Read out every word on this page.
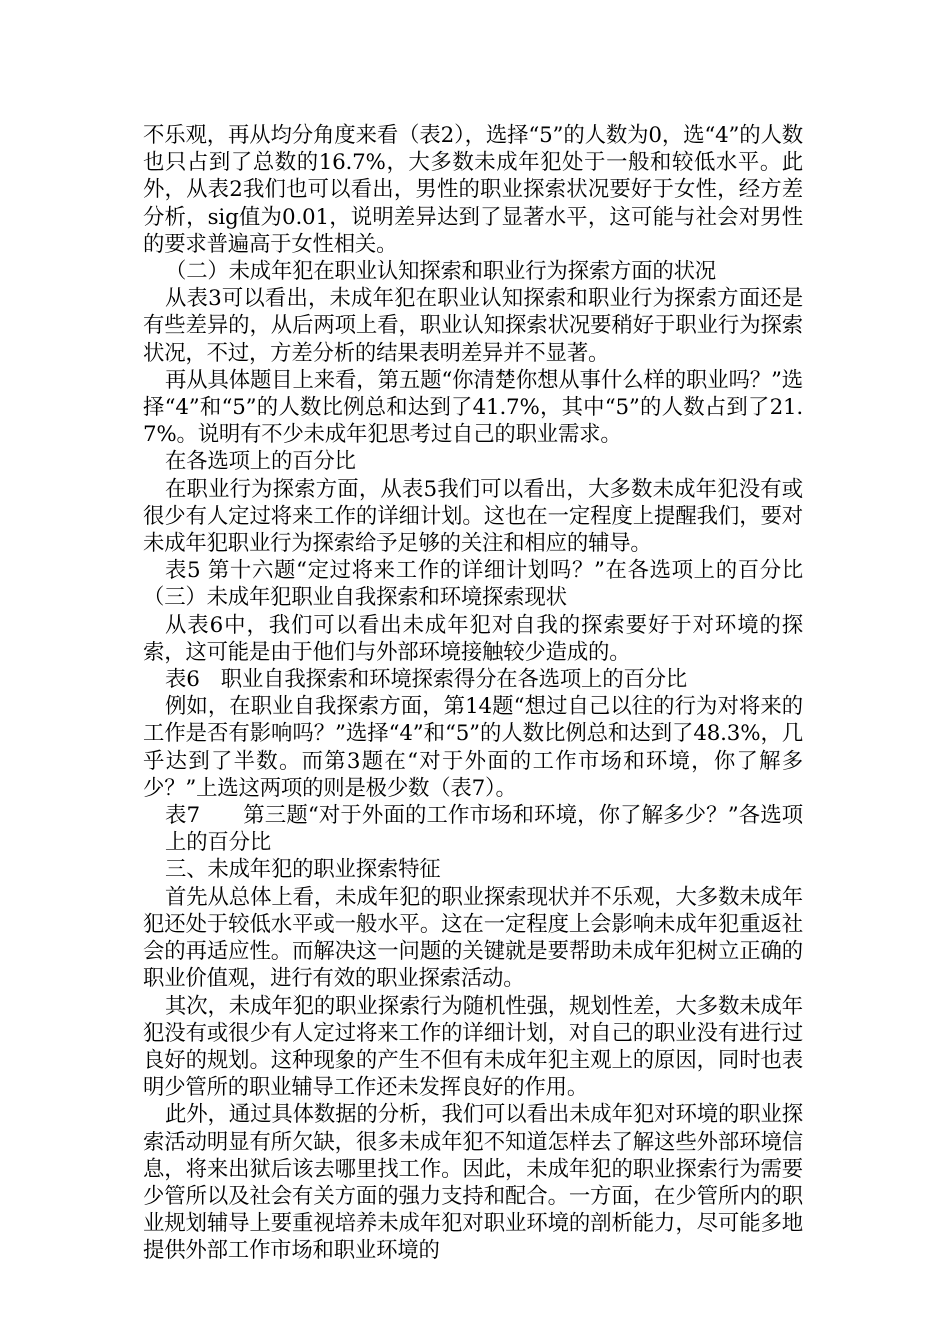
不乐观，再从均分角度来看（表2），选择“5”的人数为0，选“4”的人数也只占到了总数的16.7%，大多数未成年犯处于一般和较低水平。此外，从表2我们也可以看出，男性的职业探索状况要好于女性，经方差分析，sig值为0.01，说明差异达到了显著水平，这可能与社会对男性的要求普遍高于女性相关。

（二）未成年犯在职业认知探索和职业行为探索方面的状况

从表3可以看出，未成年犯在职业认知探索和职业行为探索方面还是有些差异的，从后两项上看，职业认知探索状况要稍好于职业行为探索状况，不过，方差分析的结果表明差异并不显著。

再从具体题目上来看，第五题“你清楚你想从事什么样的职业吗？”选择“4”和“5”的人数比例总和达到了41.7%，其中“5”的人数占到了21.7%。说明有不少未成年犯思考过自己的职业需求。

在各选项上的百分比

在职业行为探索方面，从表5我们可以看出，大多数未成年犯没有或很少有人定过将来工作的详细计划。这也在一定程度上提醒我们，要对未成年犯职业行为探索给予足够的关注和相应的辅导。

表5 第十六题“定过将来工作的详细计划吗？”在各选项上的百分比　（三）未成年犯职业自我探索和环境探索现状

从表6中，我们可以看出未成年犯对自我的探索要好于对环境的探索，这可能是由于他们与外部环境接触较少造成的。

表6　职业自我探索和环境探索得分在各选项上的百分比

例如，在职业自我探索方面，第14题“想过自己以往的行为对将来的工作是否有影响吗？”选择“4”和“5”的人数比例总和达到了48.3%，几乎达到了半数。而第3题在“对于外面的工作市场和环境，你了解多少？”上选这两项的则是极少数（表7）。

表7　　第三题“对于外面的工作市场和环境，你了解多少？”各选项上的百分比

三、未成年犯的职业探索特征

首先从总体上看，未成年犯的职业探索现状并不乐观，大多数未成年犯还处于较低水平或一般水平。这在一定程度上会影响未成年犯重返社会的再适应性。而解决这一问题的关键就是要帮助未成年犯树立正确的职业价值观，进行有效的职业探索活动。

其次，未成年犯的职业探索行为随机性强，规划性差，大多数未成年犯没有或很少有人定过将来工作的详细计划，对自己的职业没有进行过良好的规划。这种现象的产生不但有未成年犯主观上的原因，同时也表明少管所的职业辅导工作还未发挥良好的作用。

此外，通过具体数据的分析，我们可以看出未成年犯对环境的职业探索活动明显有所欠缺，很多未成年犯不知道怎样去了解这些外部环境信息，将来出狱后该去哪里找工作。因此，未成年犯的职业探索行为需要少管所以及社会有关方面的强力支持和配合。一方面，在少管所内的职业规划辅导上要重视培养未成年犯对职业环境的剖析能力，尽可能多地提供外部工作市场和职业环境的
